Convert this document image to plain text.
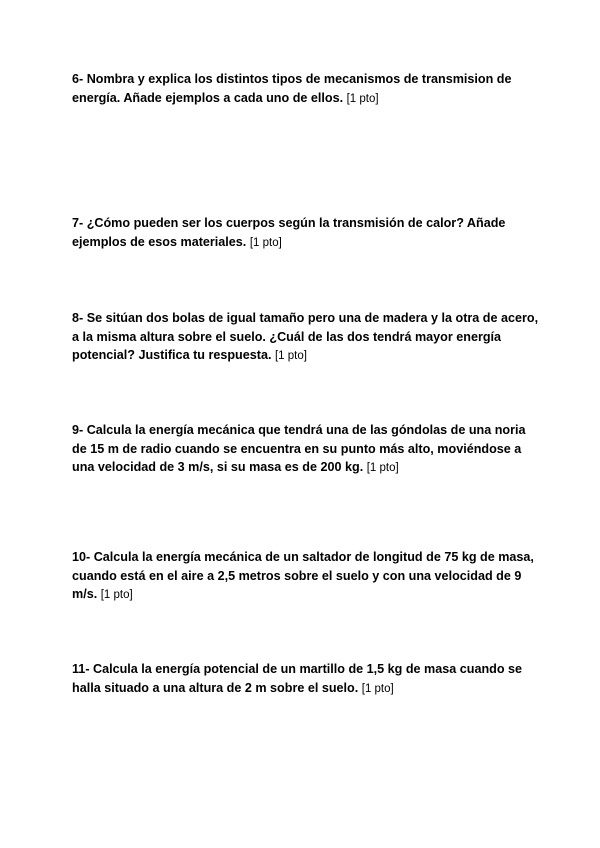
6- Nombra y explica los distintos tipos de mecanismos de transmision de
energía. Añade ejemplos a cada uno de ellos. [1 pto]
7- ¿Cómo pueden ser los cuerpos según la transmisión de calor? Añade
ejemplos de esos materiales. [1 pto]
8- Se sitúan dos bolas de igual tamaño pero una de madera y la otra de acero,
a la misma altura sobre el suelo. ¿Cuál de las dos tendrá mayor energía
potencial? Justifica tu respuesta. [1 pto]
9- Calcula la energía mecánica que tendrá una de las góndolas de una noria
de 15 m de radio cuando se encuentra en su punto más alto, moviéndose a
una velocidad de 3 m/s, si su masa es de 200 kg. [1 pto]
10- Calcula la energía mecánica de un saltador de longitud de 75 kg de masa,
cuando está en el aire a 2,5 metros sobre el suelo y con una velocidad de 9
m/s. [1 pto]
11- Calcula la energía potencial de un martillo de 1,5 kg de masa cuando se
halla situado a una altura de 2 m sobre el suelo. [1 pto]
